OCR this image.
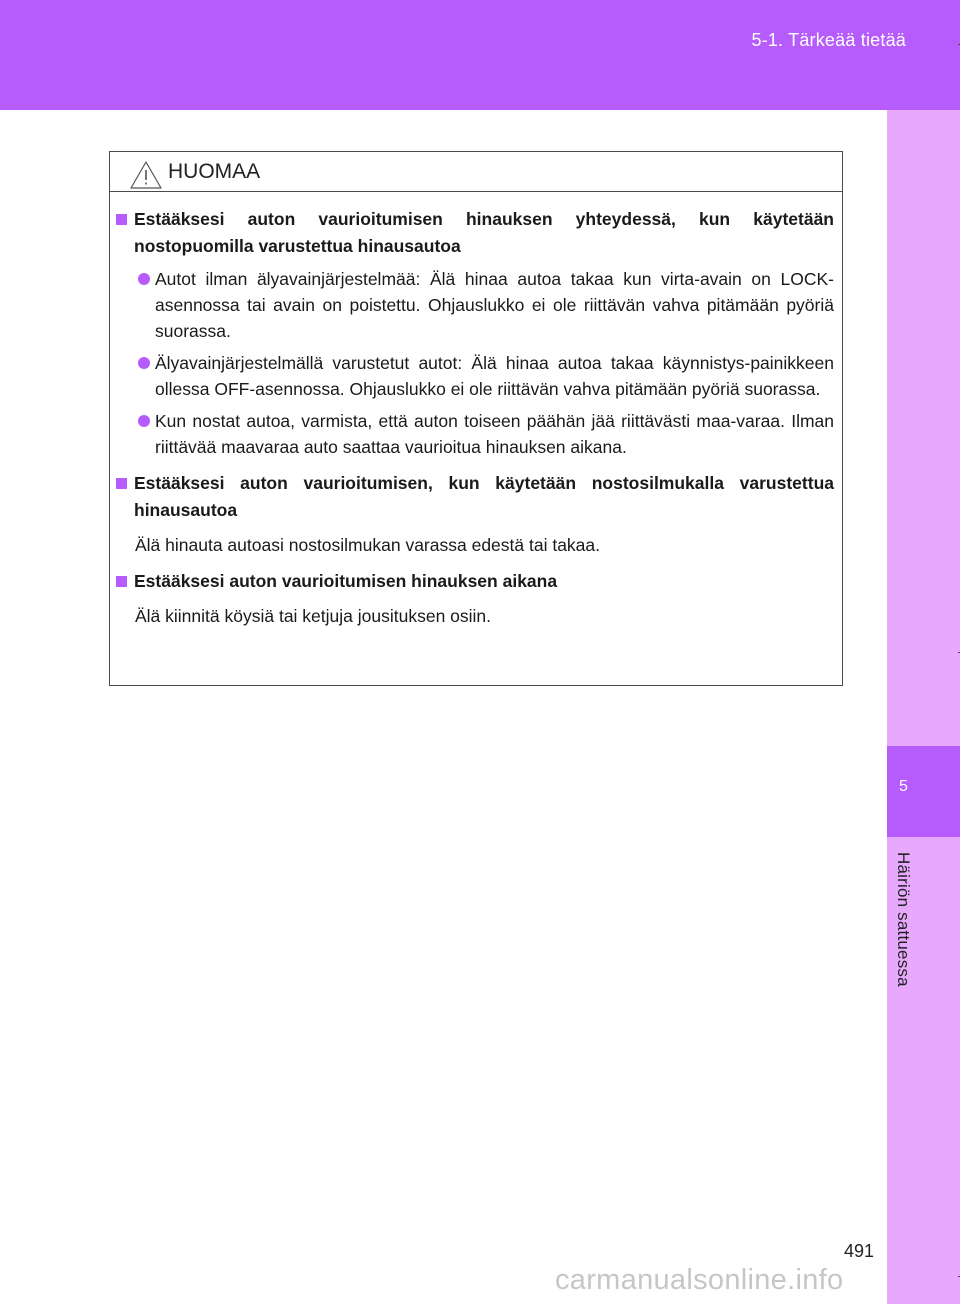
5-1. Tärkeää tietää
5
Häiriön sattuessa
HUOMAA
Estääksesi auton vaurioitumisen hinauksen yhteydessä, kun käytetään nostopuomilla varustettua hinausautoa
Autot ilman älyavainjärjestelmää: Älä hinaa autoa takaa kun virta-avain on LOCK-asennossa tai avain on poistettu. Ohjauslukko ei ole riittävän vahva pitämään pyöriä suorassa.
Älyavainjärjestelmällä varustetut autot: Älä hinaa autoa takaa käynnistys-painikkeen ollessa OFF-asennossa. Ohjauslukko ei ole riittävän vahva pitämään pyöriä suorassa.
Kun nostat autoa, varmista, että auton toiseen päähän jää riittävästi maa-varaa. Ilman riittävää maavaraa auto saattaa vaurioitua hinauksen aikana.
Estääksesi auton vaurioitumisen, kun käytetään nostosilmukalla varustettua hinausautoa
Älä hinauta autoasi nostosilmukan varassa edestä tai takaa.
Estääksesi auton vaurioitumisen hinauksen aikana
Älä kiinnitä köysiä tai ketjuja jousituksen osiin.
491
carmanualsonline.info
